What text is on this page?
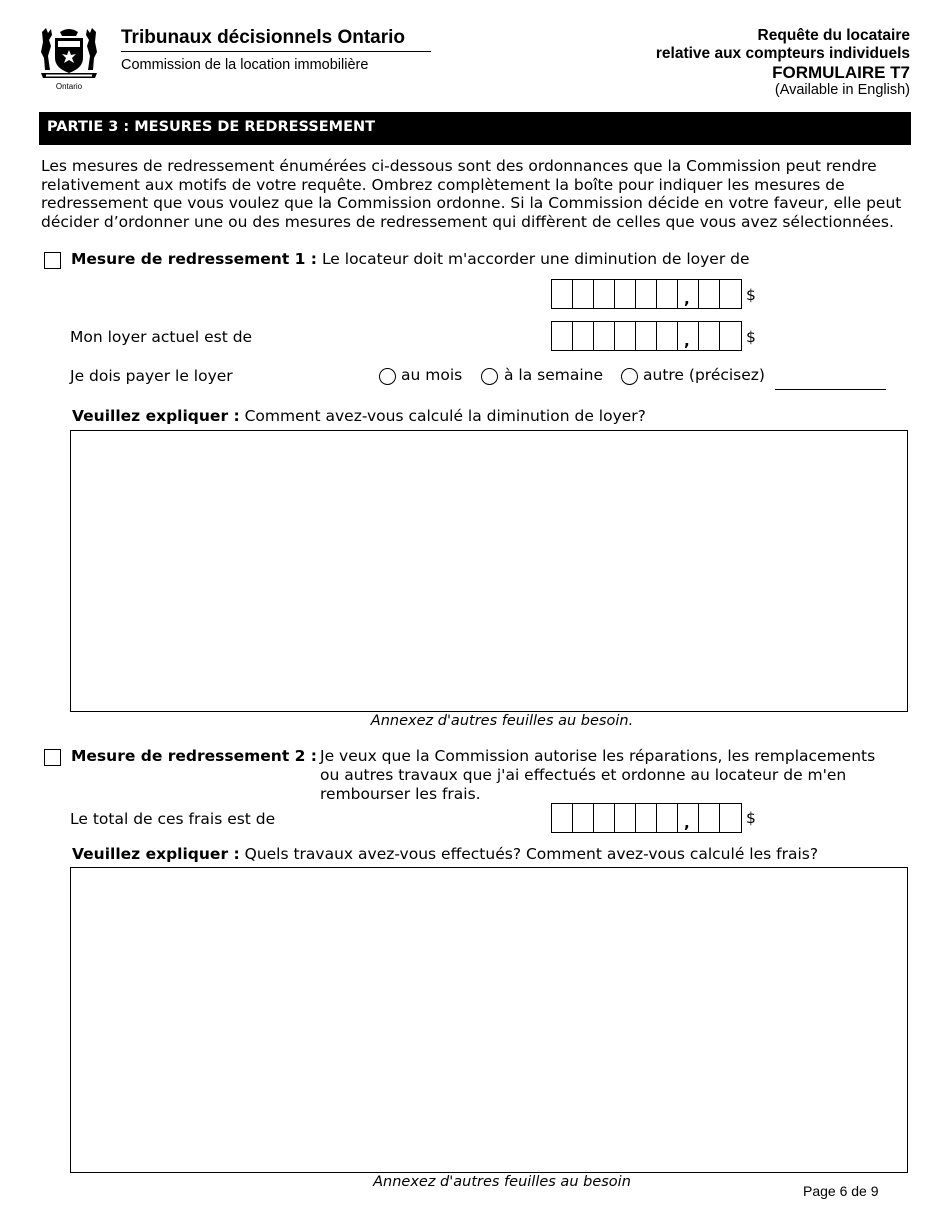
Ontario
Tribunaux décisionnels Ontario
Commission de la location immobilière
Requête du locataire
relative aux compteurs individuels
FORMULAIRE T7
(Available in English)
PARTIE 3 : MESURES DE REDRESSEMENT
Les mesures de redressement énumérées ci-dessous sont des ordonnances que la Commission peut rendre relativement aux motifs de votre requête. Ombrez complètement la boîte pour indiquer les mesures de redressement que vous voulez que la Commission ordonne. Si la Commission décide en votre faveur, elle peut décider d’ordonner une ou des mesures de redressement qui diffèrent de celles que vous avez sélectionnées.
Mesure de redressement 1 : Le locateur doit m'accorder une diminution de loyer de
,	$
Mon loyer actuel est de	,	$
Je dois payer le loyer	au mois	à la semaine	autre (précisez)
Veuillez expliquer : Comment avez-vous calculé la diminution de loyer?
Annexez d'autres feuilles au besoin.
Mesure de redressement 2 : Je veux que la Commission autorise les réparations, les remplacements
ou autres travaux que j'ai effectués et ordonne au locateur de m'en
rembourser les frais.
Le total de ces frais est de	,	$
Veuillez expliquer : Quels travaux avez-vous effectués? Comment avez-vous calculé les frais?
Annexez d'autres feuilles au besoin
Page 6 de 9
